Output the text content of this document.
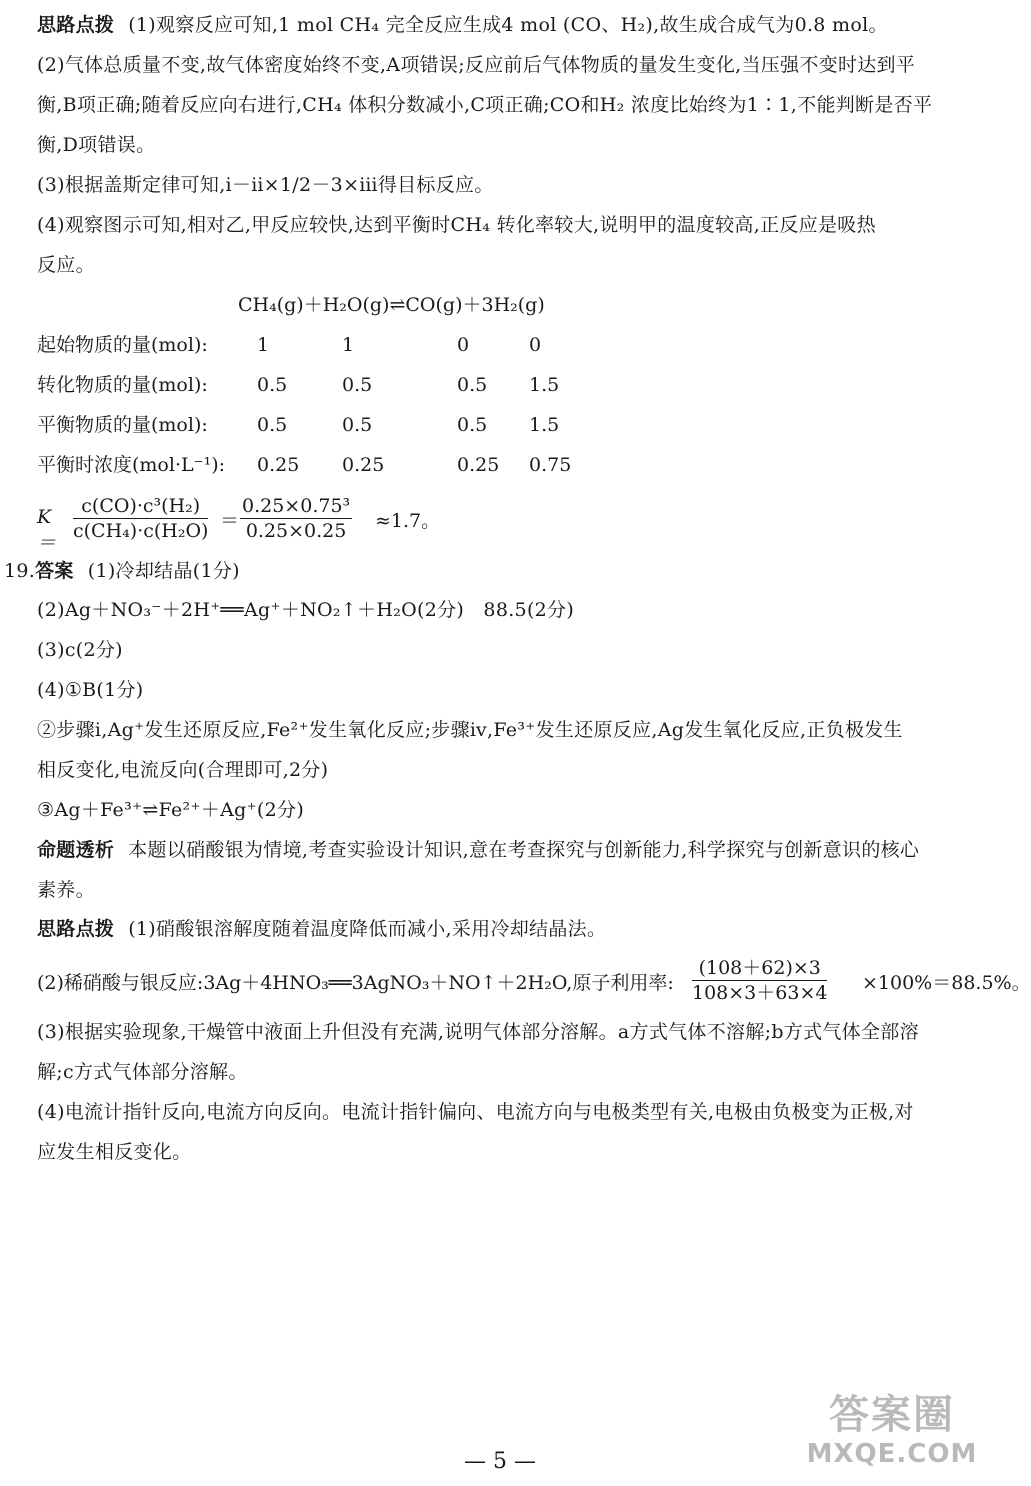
思路点拨 (1)观察反应可知,1 mol CH₄ 完全反应生成4 mol (CO、H₂),故生成合成气为0.8 mol。
(2)气体总质量不变,故气体密度始终不变,A项错误;反应前后气体物质的量发生变化,当压强不变时达到平
衡,B项正确;随着反应向右进行,CH₄ 体积分数减小,C项正确;CO和H₂ 浓度比始终为1∶1,不能判断是否平
衡,D项错误。
(3)根据盖斯定律可知,ⅰ－ⅱ×1/2－3×ⅲ得目标反应。
(4)观察图示可知,相对乙,甲反应较快,达到平衡时CH₄ 转化率较大,说明甲的温度较高,正反应是吸热
反应。
CH₄(g)＋H₂O(g)⇌CO(g)＋3H₂(g)
起始物质的量(mol):	1	1	0	0
转化物质的量(mol):	0.5	0.5	0.5 1.5
平衡物质的量(mol):	0.5	0.5	0.5 1.5
平衡时浓度(mol·L⁻¹): 0.25 0.25	0.25 0.75
$K= \frac{\text{c(CO)·c³(H₂)}}{\text{c(CH₄)·c(H₂O)}} = \frac{\text{0.25×0.75³}}{0.25\times 0.25} \approx 1.7$。
19.答案 (1)冷却结晶(1分)
(2)Ag＋NO₃⁻＋2H⁺══Ag⁺＋NO₂↑＋H₂O(2分)　88.5(2分)
(3)c(2分)
(4)①B(1分)
②步骤ⅰ,Ag⁺发生还原反应,Fe²⁺发生氧化反应;步骤ⅳ,Fe³⁺发生还原反应,Ag发生氧化反应,正负极发生
相反变化,电流反向(合理即可,2分)
③Ag＋Fe³⁺⇌Fe²⁺＋Ag⁺(2分)
命题透析 本题以硝酸银为情境,考查实验设计知识,意在考查探究与创新能力,科学探究与创新意识的核心
素养。
思路点拨 (1)硝酸银溶解度随着温度降低而减小,采用冷却结晶法。
(2)稀硝酸与银反应:3Ag＋4HNO₃══3AgNO₃＋NO↑＋2H₂O,原子利用率: $\frac{(108+62)\times 3}{108\times 3+63\times 4} \times 100\%=88.5\%$。
(3)根据实验现象,干燥管中液面上升但没有充满,说明气体部分溶解。a方式气体不溶解;b方式气体全部溶
解;c方式气体部分溶解。
(4)电流计指针反向,电流方向反向。电流计指针偏向、电流方向与电极类型有关,电极由负极变为正极,对
应发生相反变化。
— 5 —
答案圈
MXQE.COM
